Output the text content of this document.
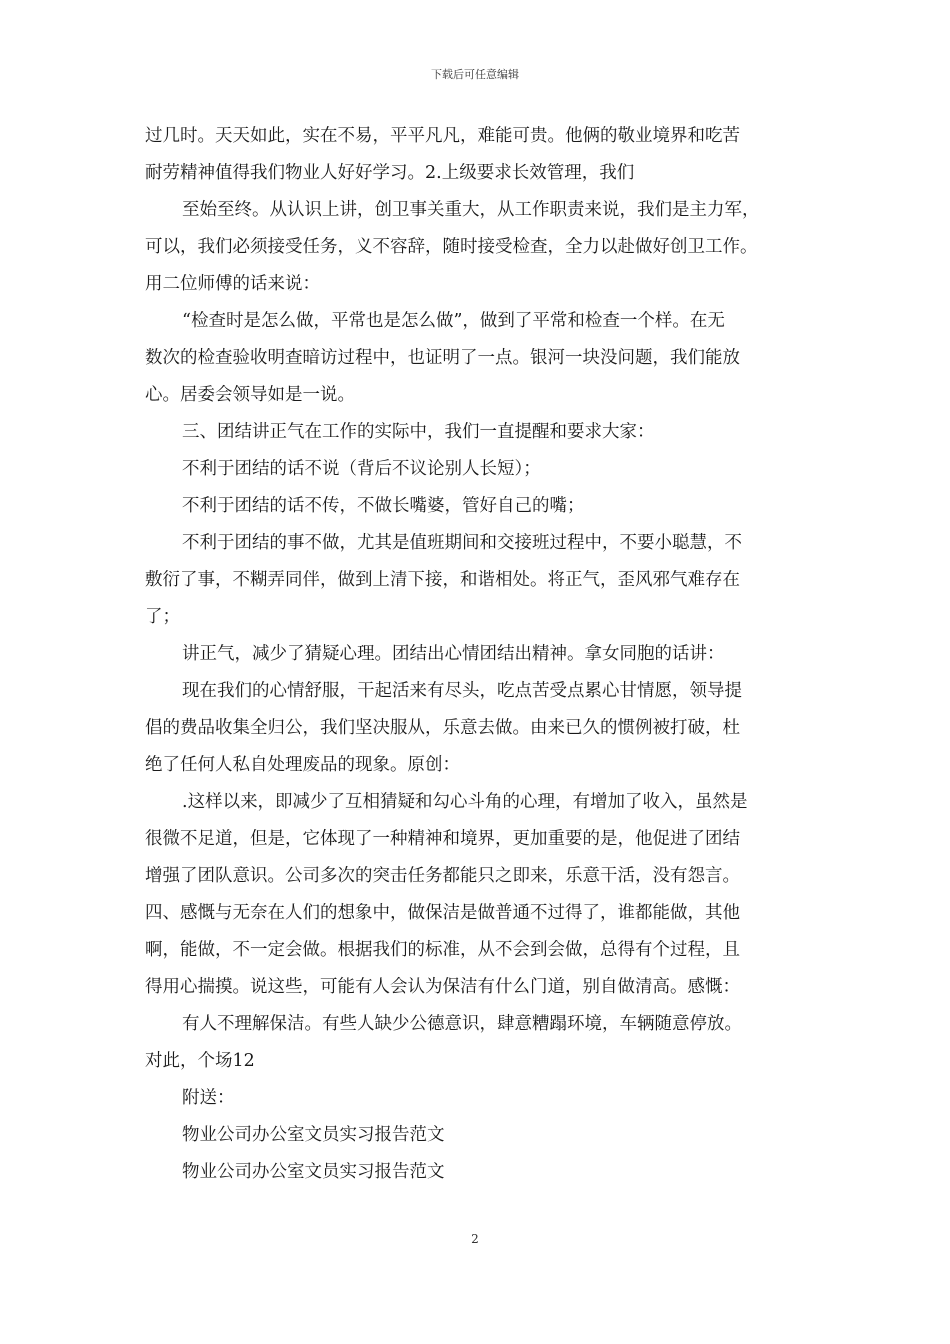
下载后可任意编辑
过几时。天天如此，实在不易，平平凡凡，难能可贵。他俩的敬业境界和吃苦
耐劳精神值得我们物业人好好学习。2.上级要求长效管理，我们
至始至终。从认识上讲，创卫事关重大，从工作职责来说，我们是主力军，
可以，我们必须接受任务，义不容辞，随时接受检查，全力以赴做好创卫工作。
用二位师傅的话来说：
“检查时是怎么做，平常也是怎么做”，做到了平常和检查一个样。在无
数次的检查验收明查暗访过程中，也证明了一点。银河一块没问题，我们能放
心。居委会领导如是一说。
三、团结讲正气在工作的实际中，我们一直提醒和要求大家：
不利于团结的话不说（背后不议论别人长短）；
不利于团结的话不传，不做长嘴婆，管好自己的嘴；
不利于团结的事不做，尤其是值班期间和交接班过程中，不要小聪慧，不
敷衍了事，不糊弄同伴，做到上清下接，和谐相处。将正气，歪风邪气难存在
了；
讲正气，减少了猜疑心理。团结出心情团结出精神。拿女同胞的话讲：
现在我们的心情舒服，干起活来有尽头，吃点苦受点累心甘情愿，领导提
倡的费品收集全归公，我们坚决服从，乐意去做。由来已久的惯例被打破，杜
绝了任何人私自处理废品的现象。原创：
.这样以来，即减少了互相猜疑和勾心斗角的心理，有增加了收入，虽然是
很微不足道，但是，它体现了一种精神和境界，更加重要的是，他促进了团结
增强了团队意识。公司多次的突击任务都能只之即来，乐意干活，没有怨言。
四、感慨与无奈在人们的想象中，做保洁是做普通不过得了，谁都能做，其他
啊，能做，不一定会做。根据我们的标准，从不会到会做，总得有个过程，且
得用心揣摸。说这些，可能有人会认为保洁有什么门道，别自做清高。感慨：
有人不理解保洁。有些人缺少公德意识，肆意糟蹋环境，车辆随意停放。
对此，个场12
附送：
物业公司办公室文员实习报告范文
物业公司办公室文员实习报告范文
2
